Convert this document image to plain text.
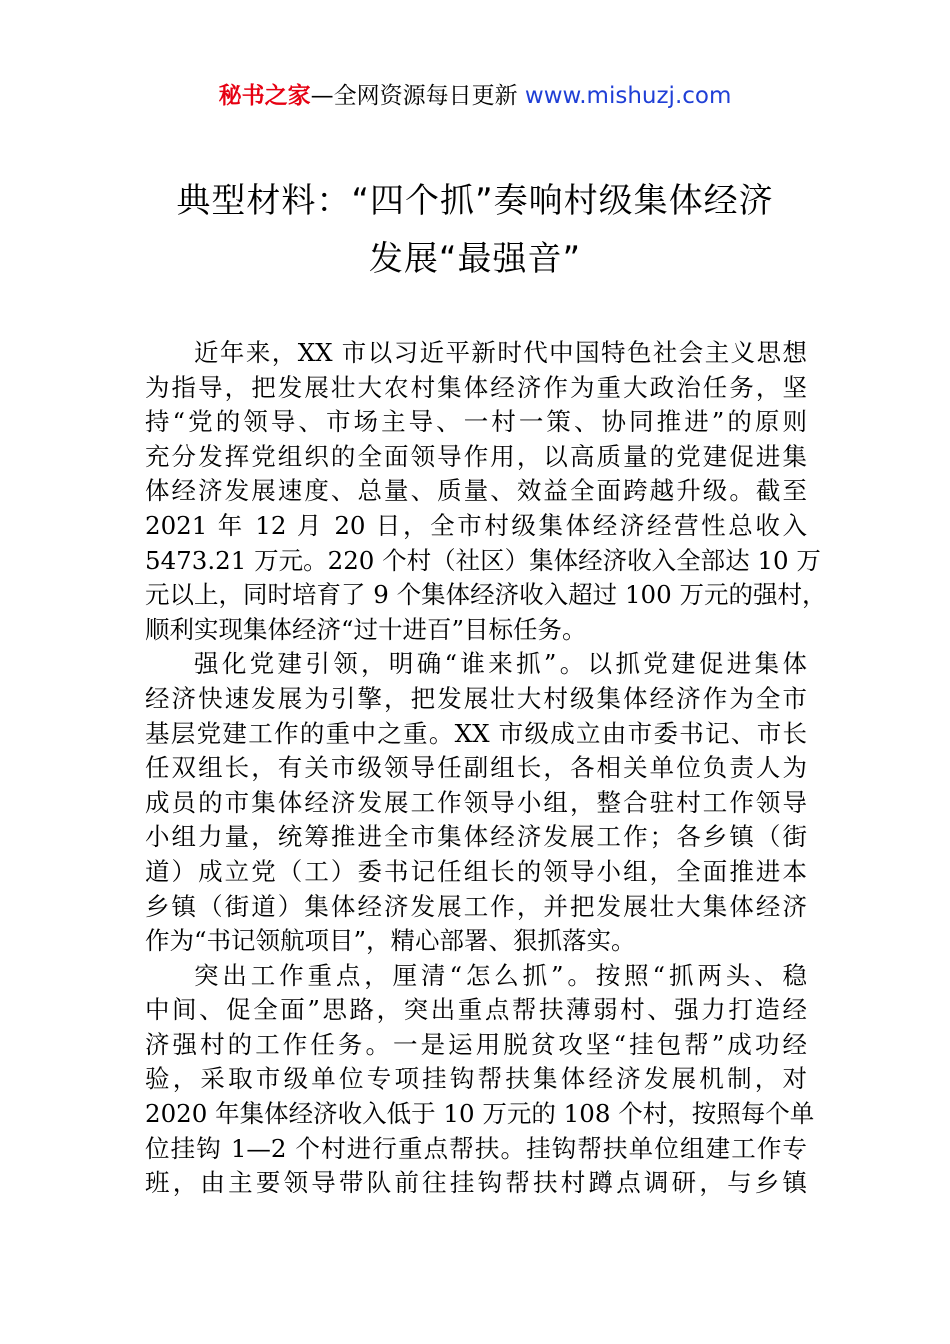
秘书之家—全网资源每日更新 www.mishuzj.com
典型材料：“四个抓”奏响村级集体经济
发展“最强音”
近年来，XX 市以习近平新时代中国特色社会主义思想
为指导，把发展壮大农村集体经济作为重大政治任务，坚
持“党的领导、市场主导、一村一策、协同推进”的原则
充分发挥党组织的全面领导作用，以高质量的党建促进集
体经济发展速度、总量、质量、效益全面跨越升级。截至
2021 年 12 月 20 日，全市村级集体经济经营性总收入
5473.21 万元。220 个村（社区）集体经济收入全部达 10 万
元以上，同时培育了 9 个集体经济收入超过 100 万元的强村，
顺利实现集体经济“过十进百”目标任务。
强化党建引领，明确“谁来抓”。以抓党建促进集体
经济快速发展为引擎，把发展壮大村级集体经济作为全市
基层党建工作的重中之重。XX 市级成立由市委书记、市长
任双组长，有关市级领导任副组长，各相关单位负责人为
成员的市集体经济发展工作领导小组，整合驻村工作领导
小组力量，统筹推进全市集体经济发展工作；各乡镇（街
道）成立党（工）委书记任组长的领导小组，全面推进本
乡镇（街道）集体经济发展工作，并把发展壮大集体经济
作为“书记领航项目”，精心部署、狠抓落实。
突出工作重点，厘清“怎么抓”。按照“抓两头、稳
中间、促全面”思路，突出重点帮扶薄弱村、强力打造经
济强村的工作任务。一是运用脱贫攻坚“挂包帮”成功经
验，采取市级单位专项挂钩帮扶集体经济发展机制，对
2020 年集体经济收入低于 10 万元的 108 个村，按照每个单
位挂钩 1—2 个村进行重点帮扶。挂钩帮扶单位组建工作专
班，由主要领导带队前往挂钩帮扶村蹲点调研，与乡镇
